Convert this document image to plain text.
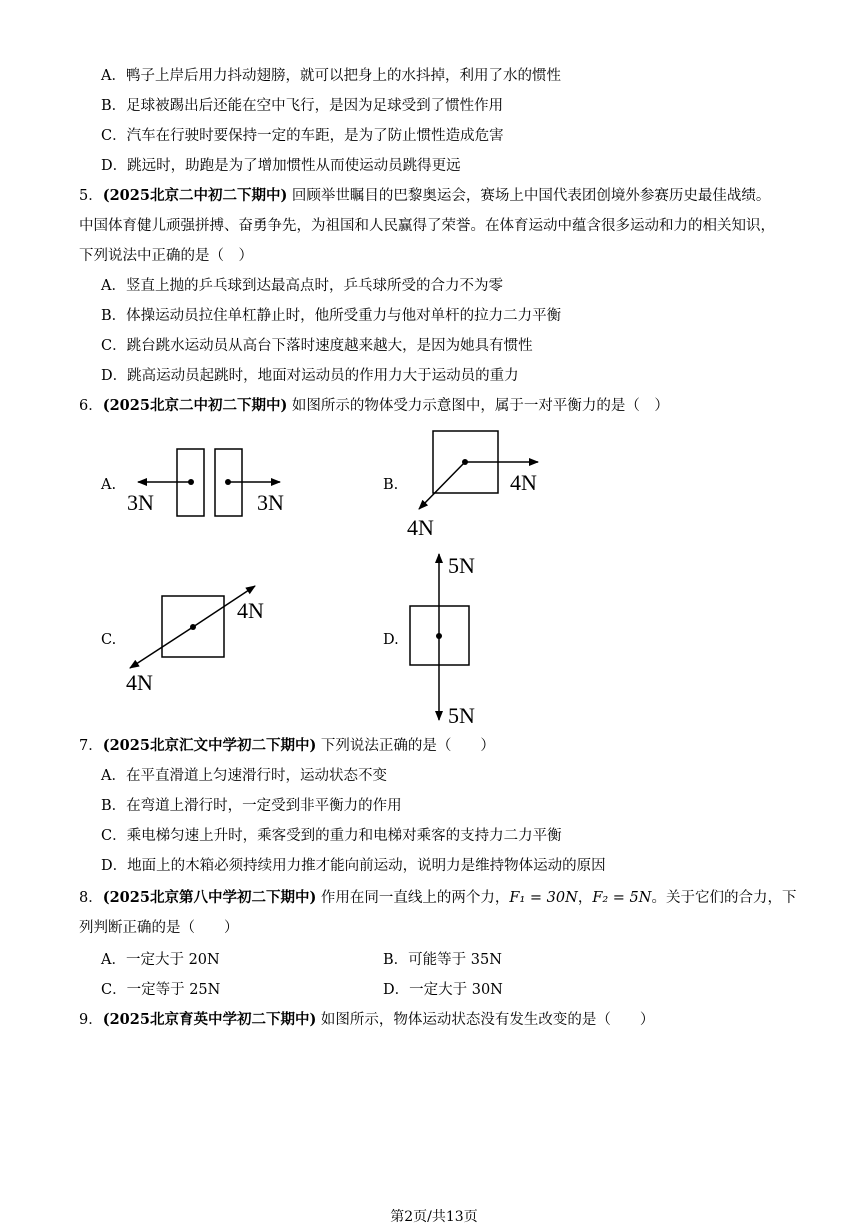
A．鸭子上岸后用力抖动翅膀，就可以把身上的水抖掉，利用了水的惯性
B．足球被踢出后还能在空中飞行，是因为足球受到了惯性作用
C．汽车在行驶时要保持一定的车距，是为了防止惯性造成危害
D．跳远时，助跑是为了增加惯性从而使运动员跳得更远
5．(2025北京二中初二下期中) 回顾举世瞩目的巴黎奥运会，赛场上中国代表团创境外参赛历史最佳战绩。
中国体育健儿顽强拼搏、奋勇争先，为祖国和人民赢得了荣誉。在体育运动中蕴含很多运动和力的相关知识，
下列说法中正确的是（　）
A．竖直上抛的乒乓球到达最高点时，乒乓球所受的合力不为零
B．体操运动员拉住单杠静止时，他所受重力与他对单杆的拉力二力平衡
C．跳台跳水运动员从高台下落时速度越来越大，是因为她具有惯性
D．跳高运动员起跳时，地面对运动员的作用力大于运动员的重力
6．(2025北京二中初二下期中) 如图所示的物体受力示意图中，属于一对平衡力的是（　）
A.
3N	3N
B.	4N
4N
C.
4N
4N
D.
5N
5N
7．(2025北京汇文中学初二下期中) 下列说法正确的是（　　）
A．在平直滑道上匀速滑行时，运动状态不变
B．在弯道上滑行时，一定受到非平衡力的作用
C．乘电梯匀速上升时，乘客受到的重力和电梯对乘客的支持力二力平衡
D．地面上的木箱必须持续用力推才能向前运动，说明力是维持物体运动的原因
8．(2025北京第八中学初二下期中) 作用在同一直线上的两个力，F₁ = 30N，F₂ = 5N。关于它们的合力，下
列判断正确的是（　　）
A．一定大于 20N	B．可能等于 35N
C．一定等于 25N	D．一定大于 30N
9．(2025北京育英中学初二下期中) 如图所示，物体运动状态没有发生改变的是（　　）
第2页/共13页
